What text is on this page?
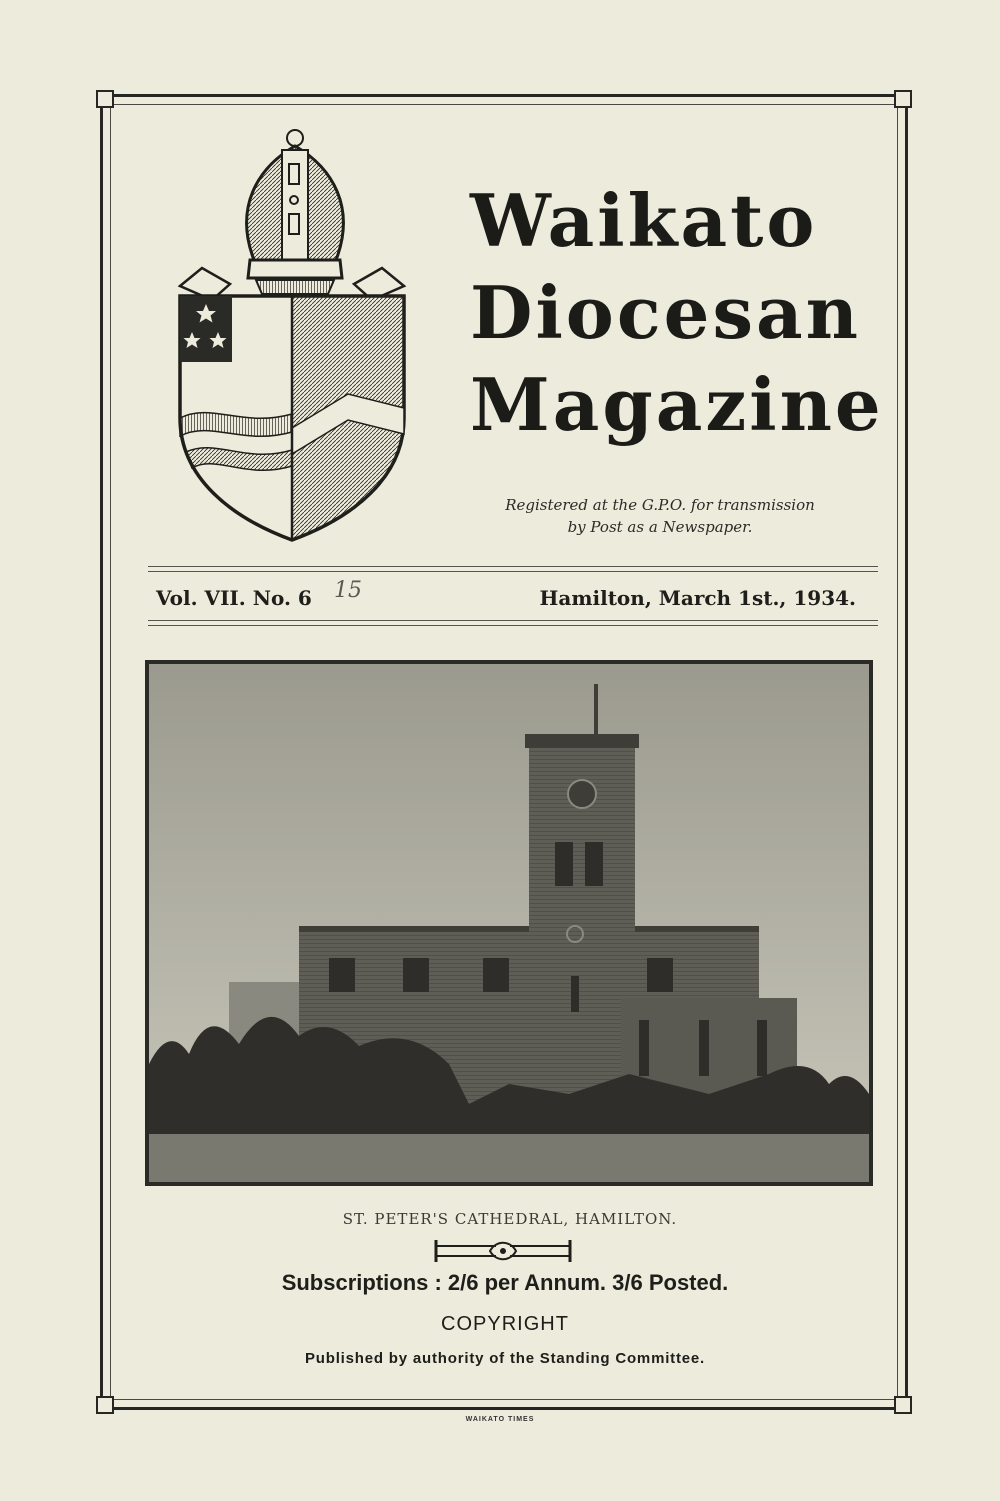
Waikato
Diocesan
Magazine
Registered at the G.P.O. for transmission
by Post as a Newspaper.
Vol. VII. No. 6 15	Hamilton, March 1st., 1934.
ST. PETER'S CATHEDRAL, HAMILTON.
Subscriptions : 2/6 per Annum. 3/6 Posted.
COPYRIGHT
Published by authority of the Standing Committee.
WAIKATO TIMES
